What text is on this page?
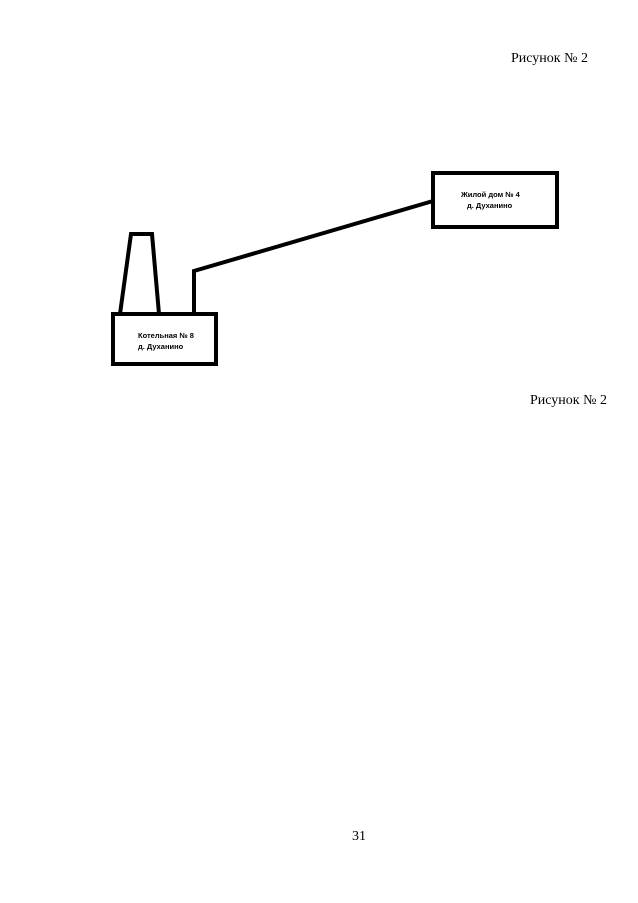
Рисунок № 2
Жилой дом № 4
д. Духанино
Котельная № 8
д. Духанино
Рисунок № 2
31
